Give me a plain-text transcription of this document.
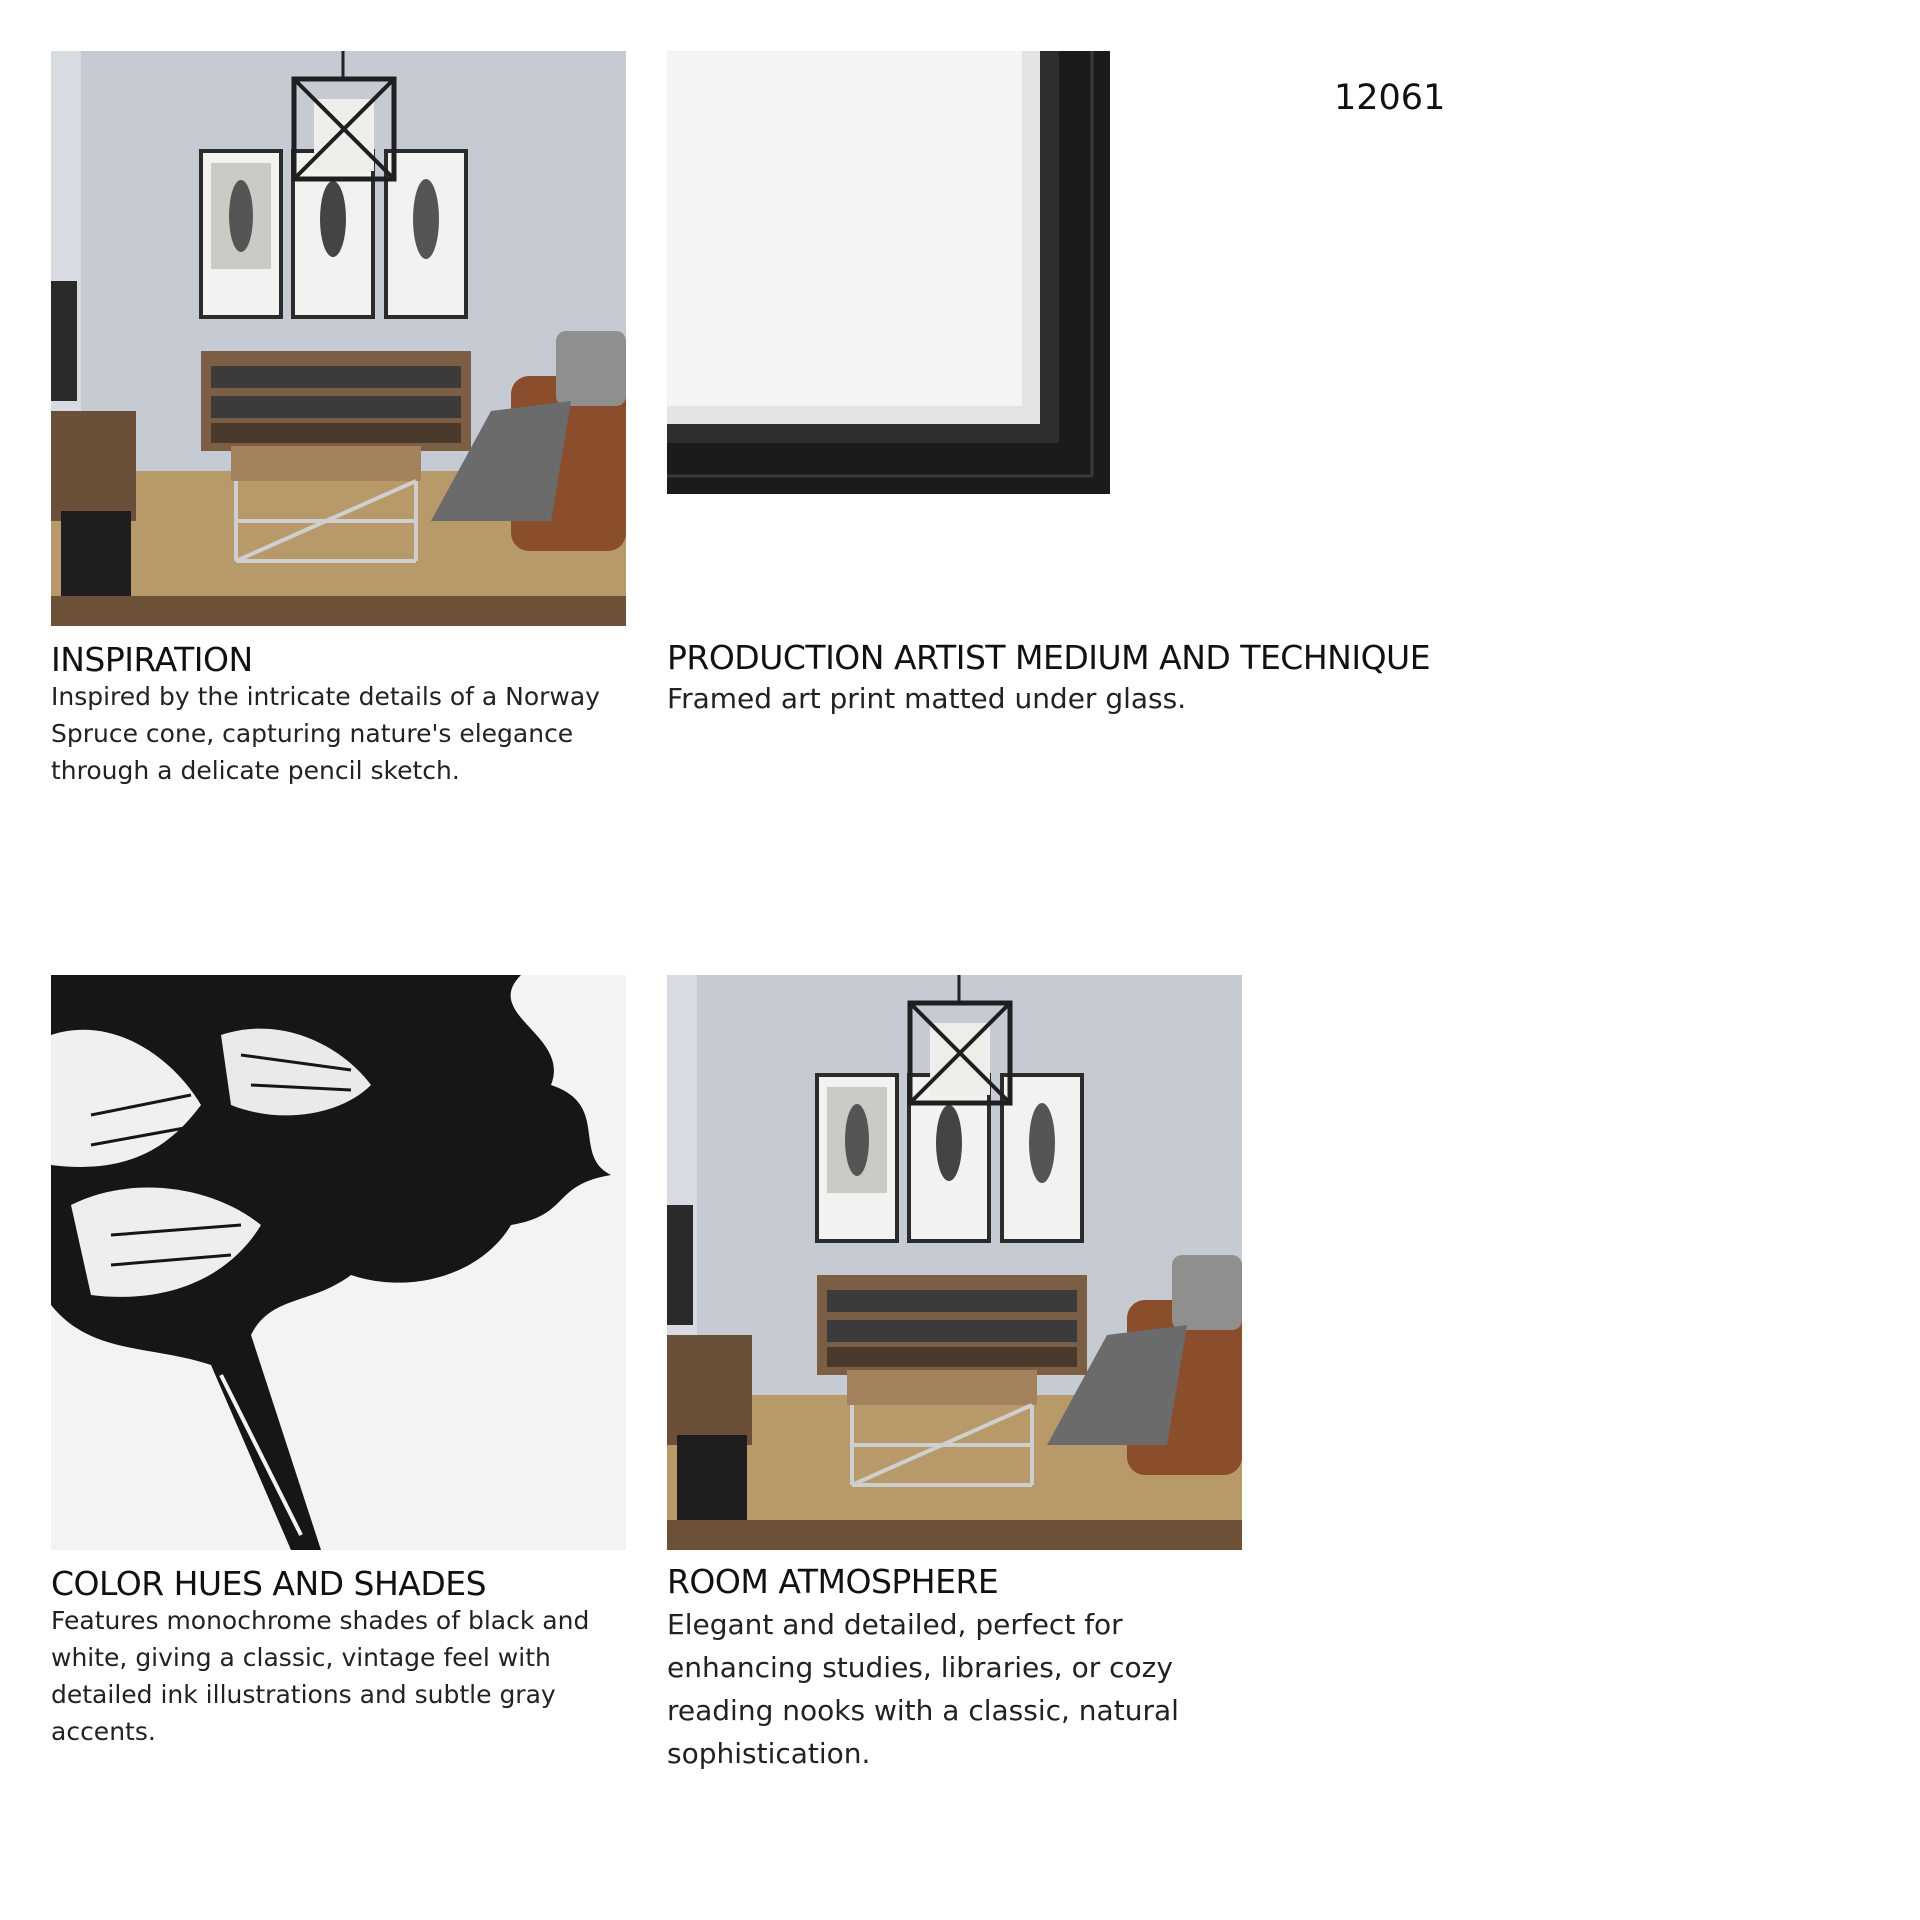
12061
INSPIRATION
Inspired by the intricate details of a Norway Spruce cone, capturing nature's elegance through a delicate pencil sketch.
PRODUCTION ARTIST MEDIUM AND TECHNIQUE
Framed art print matted under glass.
COLOR HUES AND SHADES
Features monochrome shades of black and white, giving a classic, vintage feel with detailed ink illustrations and subtle gray accents.
ROOM ATMOSPHERE
Elegant and detailed, perfect for enhancing studies, libraries, or cozy reading nooks with a classic, natural sophistication.
